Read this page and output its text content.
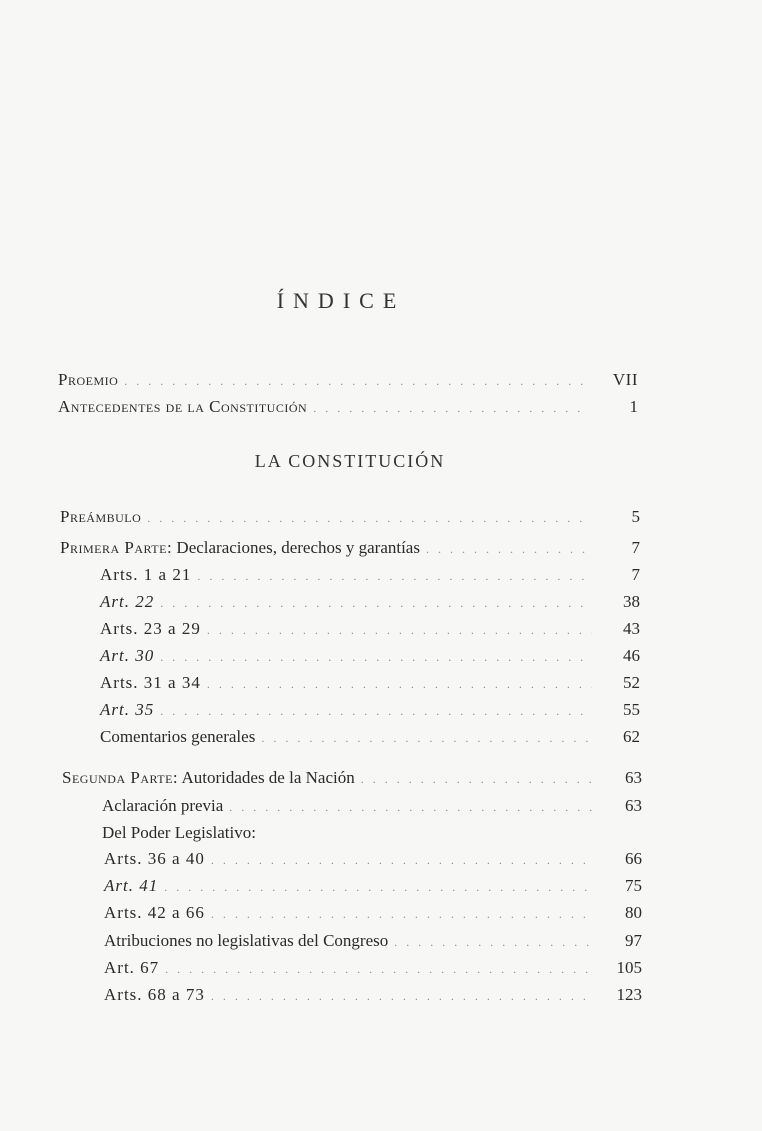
ÍNDICE
Proemio . . .	VII
Antecedentes de la Constitución . . .	1
LA CONSTITUCIÓN
Preámbulo . . .	5
Primera Parte: Declaraciones, derechos y garantías . . .	7
Arts. 1 a 21 . . .	7
Art. 22 . . .	38
Arts. 23 a 29 . . .	43
Art. 30 . . .	46
Arts. 31 a 34 . . .	52
Art. 35 . . .	55
Comentarios generales . . .	62
Segunda Parte: Autoridades de la Nación . . .	63
Aclaración previa . . .	63
Del Poder Legislativo:
Arts. 36 a 40 . . .	66
Art. 41 . . .	75
Arts. 42 a 66 . . .	80
Atribuciones no legislativas del Congreso . . .	97
Art. 67 . . .	105
Arts. 68 a 73 . . .	123
